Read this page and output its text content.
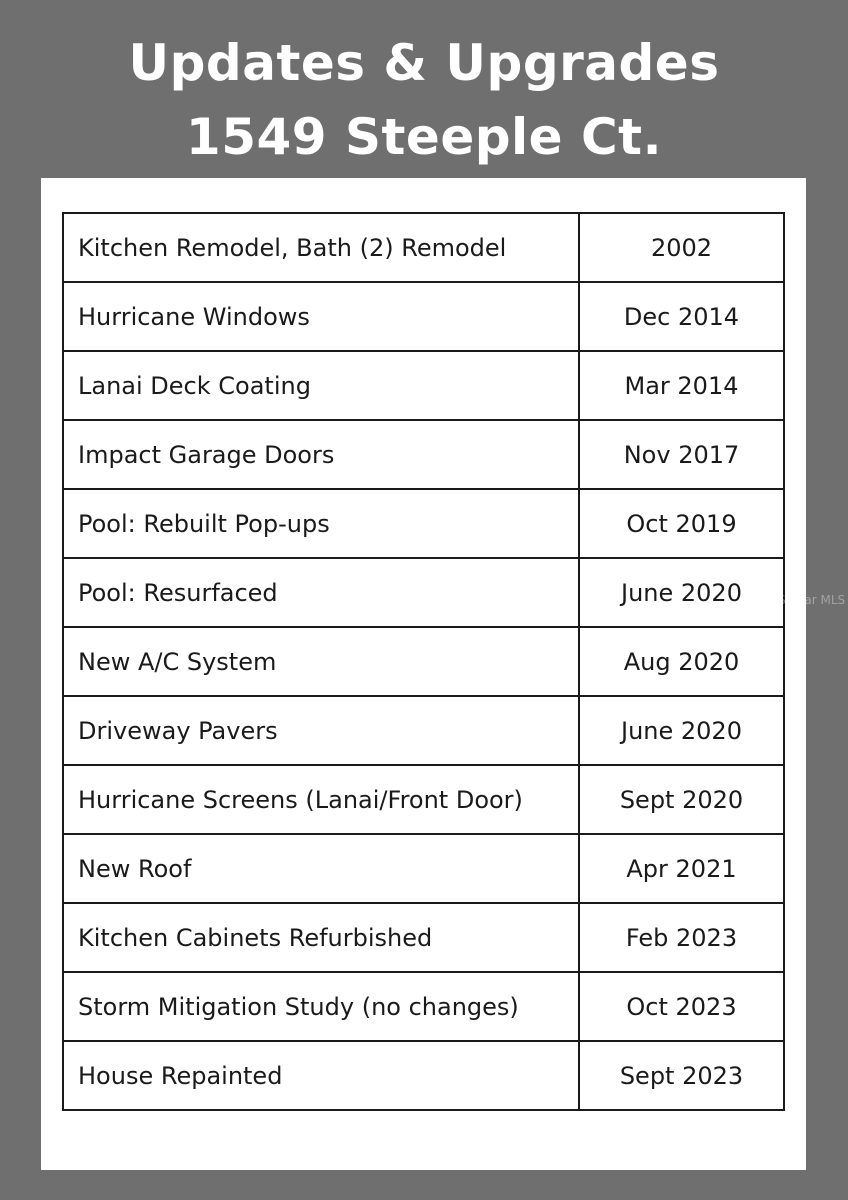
Updates & Upgrades
1549 Steeple Ct.
Kitchen Remodel, Bath (2) Remodel	2002
Hurricane Windows	Dec 2014
Lanai Deck Coating	Mar 2014
Impact Garage Doors	Nov 2017
Pool: Rebuilt Pop-ups	Oct 2019
Pool: Resurfaced	June 2020
New A/C System	Aug 2020
Driveway Pavers	June 2020
Hurricane Screens (Lanai/Front Door)	Sept 2020
New Roof	Apr 2021
Kitchen Cabinets Refurbished	Feb 2023
Storm Mitigation Study (no changes)	Oct 2023
House Repainted	Sept 2023
Stellar MLS
